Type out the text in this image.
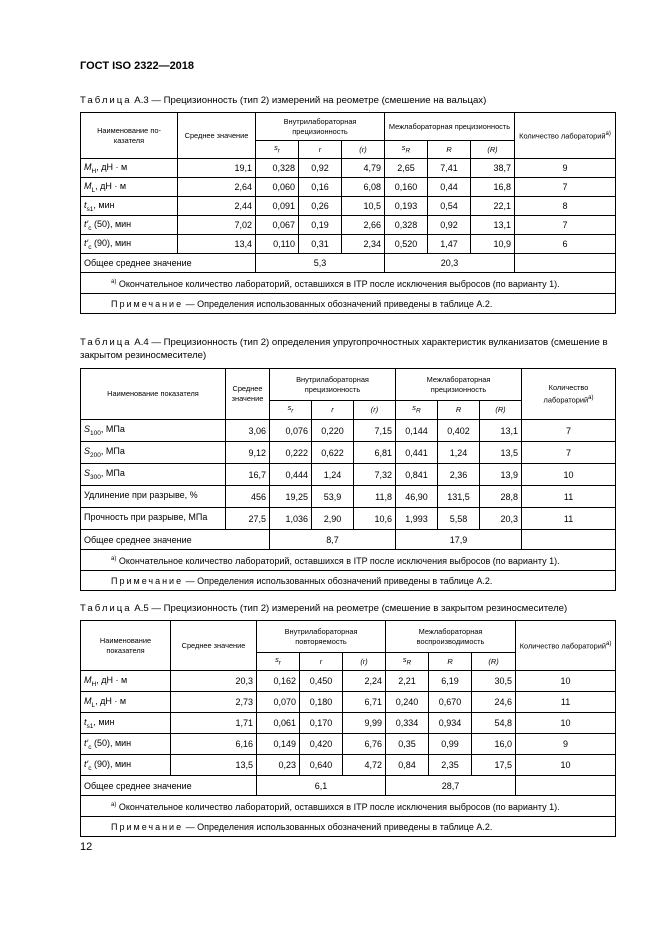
ГОСТ ISO 2322—2018
Таблица А.3 — Прецизионность (тип 2) измерений на реометре (смешение на вальцах)
Наименование по-казателя	Среднее значение	Внутрилабораторная прецизионность			Межлабораторная прецизионность			Количество лабораторий$^{а)}$
		$s_r$	r	(r)	$s_R$	R	(R)	
$M_H$, дН · м	19,1	0,328	0,92	4,79	2,65	7,41	38,7	9
$M_L$, дН · м	2,64	0,060	0,16	6,08	0,160	0,44	16,8	7
$t_{s1}$, мин	2,44	0,091	0,26	10,5	0,193	0,54	22,1	8
$t'_c$ (50), мин	7,02	0,067	0,19	2,66	0,328	0,92	13,1	7
$t'_c$ (90), мин	13,4	0,110	0,31	2,34	0,520	1,47	10,9	6
Общее среднее значение		5,3			20,3			
$^{a)}$ Окончательное количество лабораторий, оставшихся в ITP после исключения выбросов (по варианту 1).								
Примечание — Определения использованных обозначений приведены в таблице А.2.								
Таблица А.4 — Прецизионность (тип 2) определения упругопрочностных характеристик вулканизатов (смешение в закрытом резиносмесителе)
Наименование показателя	Среднее значение	Внутрилабораторная прецизионность			Межлабораторная прецизионность			Количество лабораторий$^{а)}$
		$s_r$	r	(r)	$s_R$	R	(R)	
$S_{100}$, МПа	3,06	0,076	0,220	7,15	0,144	0,402	13,1	7
$S_{200}$, МПа	9,12	0,222	0,622	6,81	0,441	1,24	13,5	7
$S_{300}$, МПа	16,7	0,444	1,24	7,32	0,841	2,36	13,9	10
Удлинение при разрыве, %	456	19,25	53,9	11,8	46,90	131,5	28,8	11
Прочность при разрыве, МПа	27,5	1,036	2,90	10,6	1,993	5,58	20,3	11
Общее среднее значение		8,7			17,9			
$^{a)}$ Окончательное количество лабораторий, оставшихся в ITP после исключения выбросов (по варианту 1).								
Примечание — Определения использованных обозначений приведены в таблице А.2.								
Таблица А.5 — Прецизионность (тип 2) измерений на реометре (смешение в закрытом резиносмесителе)
Наименование показателя	Среднее значение	Внутрилабораторная повторяемость			Межлабораторная воспроизводимость			Количество лабораторий$^{а)}$
		$s_r$	r	(r)	$s_R$	R	(R)	
$M_H$, дН · м	20,3	0,162	0,450	2,24	2,21	6,19	30,5	10
$M_L$, дН · м	2,73	0,070	0,180	6,71	0,240	0,670	24,6	11
$t_{s1}$, мин	1,71	0,061	0,170	9,99	0,334	0,934	54,8	10
$t'_c$ (50), мин	6,16	0,149	0,420	6,76	0,35	0,99	16,0	9
$t'_c$ (90), мин	13,5	0,23	0,640	4,72	0,84	2,35	17,5	10
Общее среднее значение		6,1			28,7			
$^{a)}$ Окончательное количество лабораторий, оставшихся в ITP после исключения выбросов (по варианту 1).								
Примечание — Определения использованных обозначений приведены в таблице А.2.								
12
